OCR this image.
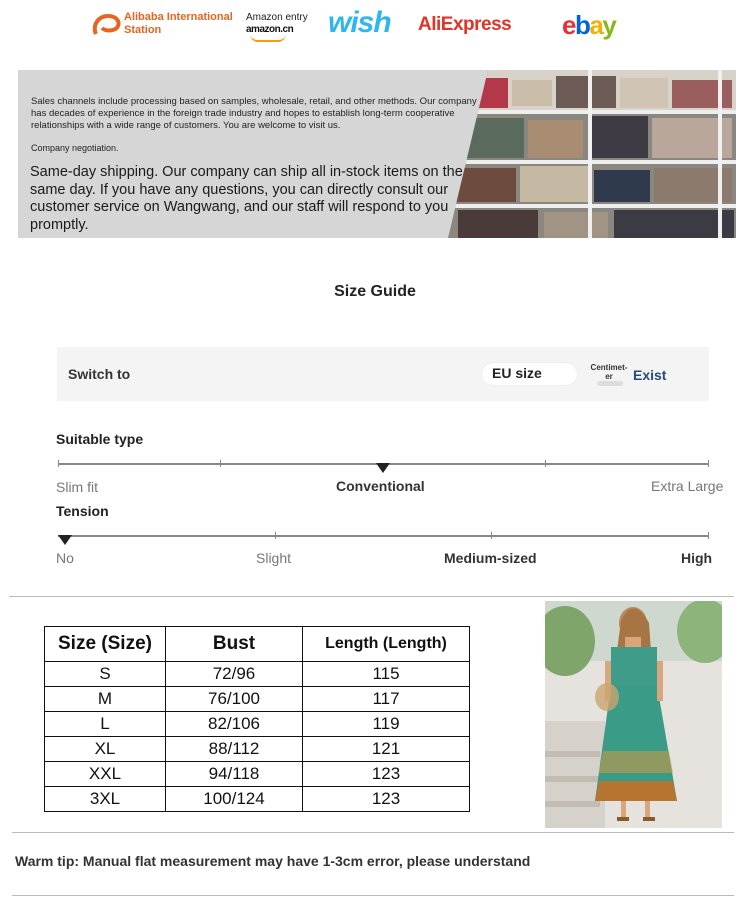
Alibaba International Station
Amazon entry
amazon.cn	wish AliExpress ebay
Sales channels include processing based on samples, wholesale, retail, and other methods. Our company has decades of experience in the foreign trade industry and hopes to establish long-term cooperative relationships with a wide range of customers. You are welcome to visit us.
Company negotiation.
Same-day shipping. Our company can ship all in-stock items on the same day. If you have any questions, you can directly consult our customer service on Wangwang, and our staff will respond to you promptly.
Size Guide
Switch to	EU size	Centimet-er	Exist
Suitable type
Slim fit	Conventional	Extra Large
Tension
No	Slight	Medium-sized	High
Size (Size)	Bust	Length (Length)
S	72/96	115
M	76/100	117
L	82/106	119
XL	88/112	121
XXL	94/118	123
3XL	100/124	123
Warm tip: Manual flat measurement may have 1-3cm error, please understand
